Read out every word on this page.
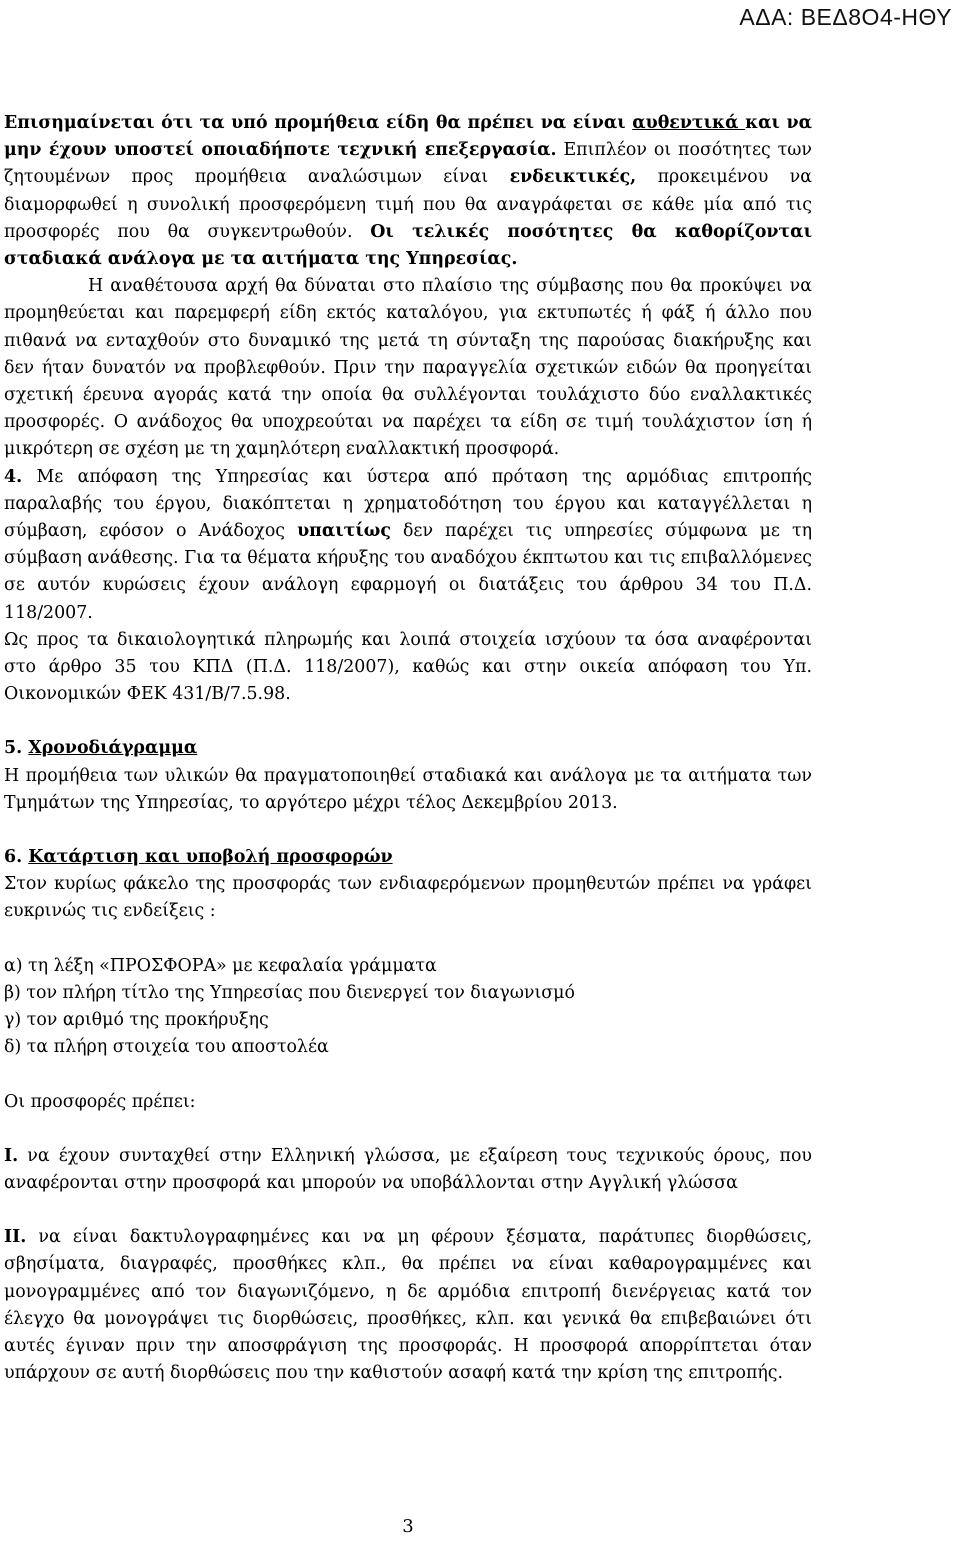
ΑΔΑ: ΒΕΔ8Ο4-ΗΘΥ

Επισημαίνεται ότι τα υπό προμήθεια είδη θα πρέπει να είναι αυθεντικά και να μην έχουν υποστεί οποιαδήποτε τεχνική επεξεργασία. Επιπλέον οι ποσότητες των ζητουμένων προς προμήθεια αναλώσιμων είναι ενδεικτικές, προκειμένου να διαμορφωθεί η συνολική προσφερόμενη τιμή που θα αναγράφεται σε κάθε μία από τις προσφορές που θα συγκεντρωθούν. Οι τελικές ποσότητες θα καθορίζονται σταδιακά ανάλογα με τα αιτήματα της Υπηρεσίας.

Η αναθέτουσα αρχή θα δύναται στο πλαίσιο της σύμβασης που θα προκύψει να προμηθεύεται και παρεμφερή είδη εκτός καταλόγου, για εκτυπωτές ή φάξ ή άλλο που πιθανά να ενταχθούν στο δυναμικό της μετά τη σύνταξη της παρούσας διακήρυξης και δεν ήταν δυνατόν να προβλεφθούν. Πριν την παραγγελία σχετικών ειδών θα προηγείται σχετική έρευνα αγοράς κατά την οποία θα συλλέγονται τουλάχιστο δύο εναλλακτικές προσφορές. Ο ανάδοχος θα υποχρεούται να παρέχει τα είδη σε τιμή τουλάχιστον ίση ή μικρότερη σε σχέση με τη χαμηλότερη εναλλακτική προσφορά.

4. Με απόφαση της Υπηρεσίας και ύστερα από πρόταση της αρμόδιας επιτροπής παραλαβής του έργου, διακόπτεται η χρηματοδότηση του έργου και καταγγέλλεται η σύμβαση, εφόσον ο Ανάδοχος υπαιτίως δεν παρέχει τις υπηρεσίες σύμφωνα με τη σύμβαση ανάθεσης. Για τα θέματα κήρυξης του αναδόχου έκπτωτου και τις επιβαλλόμενες σε αυτόν κυρώσεις έχουν ανάλογη εφαρμογή οι διατάξεις του άρθρου 34 του Π.Δ. 118/2007.

Ως προς τα δικαιολογητικά πληρωμής και λοιπά στοιχεία ισχύουν τα όσα αναφέρονται στο άρθρο 35 του ΚΠΔ (Π.Δ. 118/2007), καθώς και στην οικεία απόφαση του Υπ. Οικονομικών ΦΕΚ 431/Β/7.5.98.

5. Χρονοδιάγραμμα

Η προμήθεια των υλικών θα πραγματοποιηθεί σταδιακά και ανάλογα με τα αιτήματα των Τμημάτων της Υπηρεσίας, το αργότερο μέχρι τέλος Δεκεμβρίου 2013.

6. Κατάρτιση και υποβολή προσφορών

Στον κυρίως φάκελο της προσφοράς των ενδιαφερόμενων προμηθευτών πρέπει να γράφει ευκρινώς τις ενδείξεις :

α) τη λέξη «ΠΡΟΣΦΟΡΑ» με κεφαλαία γράμματα

β) τον πλήρη τίτλο της Υπηρεσίας που διενεργεί τον διαγωνισμό

γ) τον αριθμό της προκήρυξης

δ) τα πλήρη στοιχεία του αποστολέα

Οι προσφορές πρέπει:

Ι. να έχουν συνταχθεί στην Ελληνική γλώσσα, με εξαίρεση τους τεχνικούς όρους, που αναφέρονται στην προσφορά και μπορούν να υποβάλλονται στην Αγγλική γλώσσα

ΙΙ. να είναι δακτυλογραφημένες και να μη φέρουν ξέσματα, παράτυπες διορθώσεις, σβησίματα, διαγραφές, προσθήκες κλπ., θα πρέπει να είναι καθαρογραμμένες και μονογραμμένες από τον διαγωνιζόμενο, η δε αρμόδια επιτροπή διενέργειας κατά τον έλεγχο θα μονογράψει τις διορθώσεις, προσθήκες, κλπ. και γενικά θα επιβεβαιώνει ότι αυτές έγιναν πριν την αποσφράγιση της προσφοράς. Η προσφορά απορρίπτεται όταν υπάρχουν σε αυτή διορθώσεις που την καθιστούν ασαφή κατά την κρίση της επιτροπής.

3
